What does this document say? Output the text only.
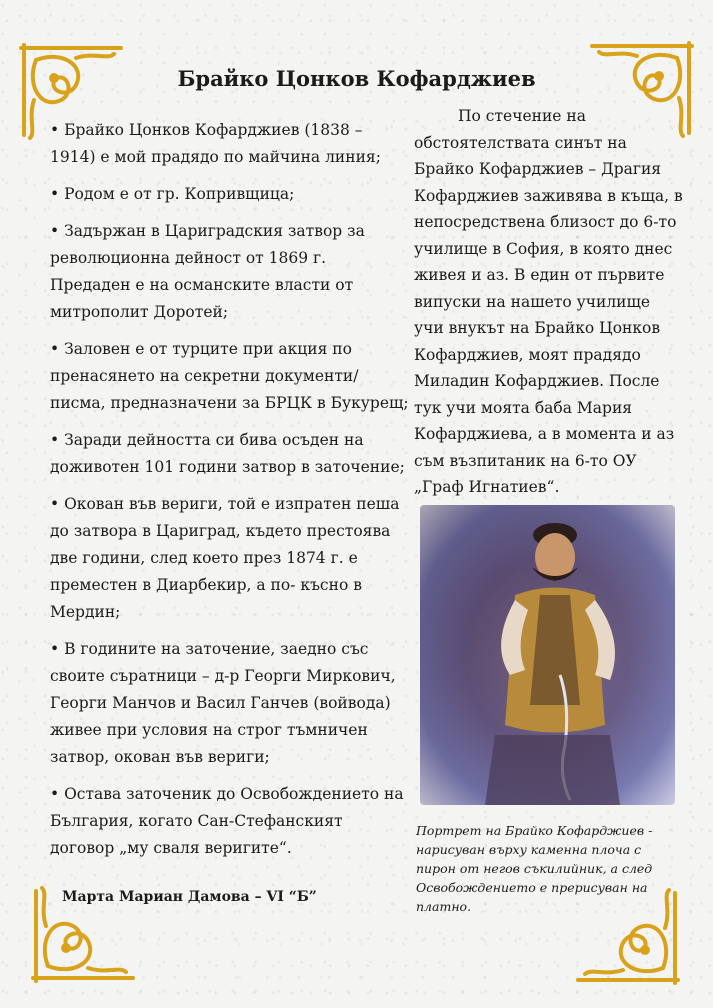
Брайко Цонков Кофарджиев

• Брайко Цонков Кофарджиев (1838 – 1914) е мой прадядо по майчина линия;

• Родом е от гр. Копривщица;

• Задържан в Цариградския затвор за революционна дейност от 1869 г. Предаден е на османските власти от митрополит Доротей;

• Заловен е от турците при акция по пренасянето на секретни документи/писма, предназначени за БРЦК в Букурещ;

• Заради дейността си бива осъден на доживотен 101 години затвор в заточение;

• Окован във вериги, той е изпратен пеша до затвора в Цариград, където престоява две години, след което през 1874 г. е преместен в Диарбекир, а по- късно в Мердин;

• В годините на заточение, заедно със своите сърaтници – д-р Георги Миркович, Георги Манчов и Васил Ганчев (войвода) живее при условия на строг тъмничен затвор, окован във вериги;

• Остава заточеник до Освобождението на България, когато Сан-Стефанският договор „му сваля веригите“.

Марта Мариан Дамова – VI “Б”

По стечение на обстоятелствата синът на Брайко Кофарджиев – Драгия Кофарджиев заживява в къща, в непосредствена близост до 6-то училище в София, в която днес живея и аз. В един от първите випуски на нашето училище учи внукът на Брайко Цонков Кофарджиев, моят прадядо Миладин Кофарджиев. После тук учи моята баба Мария Кофарджиева, а в момента и аз съм възпитаник на 6-то ОУ „Граф Игнатиев“.

Портрет на Брайко Кофарджиев - нарисуван върху каменна плоча с пирон от негов съкилийник, а след Освобождението е прерисуван на платно.
